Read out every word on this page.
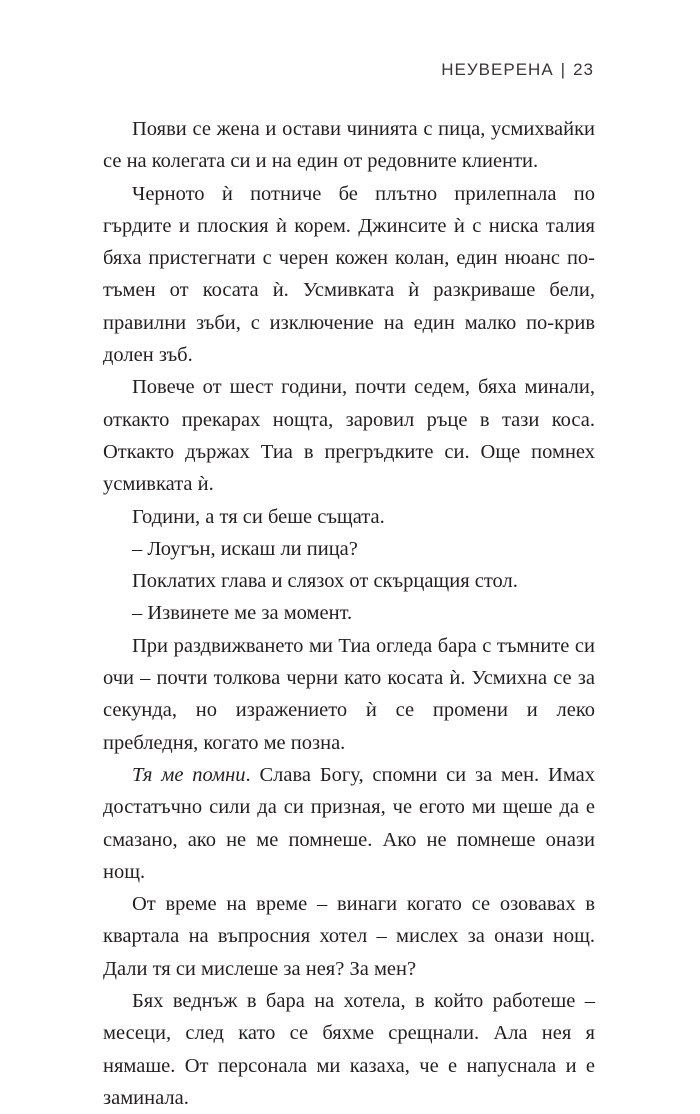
НЕУВЕРЕНА | 23

Появи се жена и остави чинията с пица, усмихвайки се на колегата си и на един от редовните клиенти.

Черното ѝ потниче бе плътно прилепнала по гърдите и плоския ѝ корем. Джинсите ѝ с ниска талия бяха пристегнати с черен кожен колан, един нюанс по-тъмен от косата ѝ. Усмивката ѝ разкриваше бели, правилни зъби, с изключение на един малко по-крив долен зъб.

Повече от шест години, почти седем, бяха минали, откакто прекарах нощта, заровил ръце в тази коса. Откакто държах Тиа в прегръдките си. Още помнех усмивката ѝ.

Години, а тя си беше същата.

– Лоугън, искаш ли пица?

Поклатих глава и слязох от скърцащия стол.

– Извинете ме за момент.

При раздвижването ми Тиа огледа бара с тъмните си очи – почти толкова черни като косата ѝ. Усмихна се за секунда, но изражението ѝ се промени и леко пребледня, когато ме позна.

Тя ме помни. Слава Богу, спомни си за мен. Имах достатъчно сили да си призная, че егото ми щеше да е смазано, ако не ме помнеше. Ако не помнеше онази нощ.

От време на време – винаги когато се озовавах в квартала на въпросния хотел – мислех за онази нощ. Дали тя си мислеше за нея? За мен?

Бях веднъж в бара на хотела, в който работеше – месеци, след като се бяхме срещнали. Ала нея я нямаше. От персонала ми казаха, че е напуснала и е заминала.
